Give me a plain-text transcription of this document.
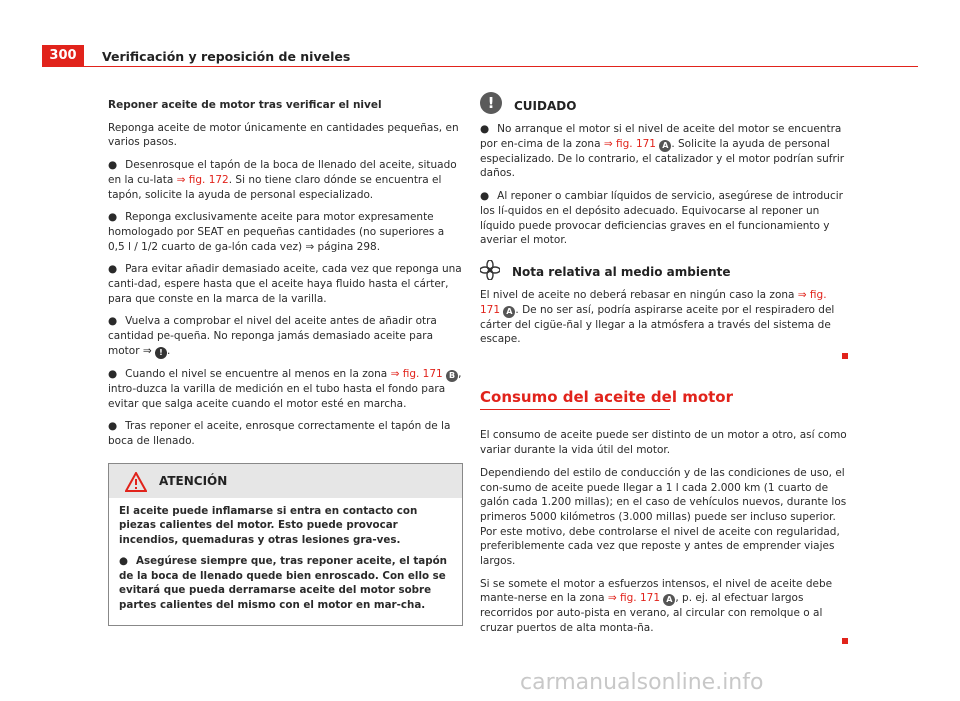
300	Verificación y reposición de niveles

Reponer aceite de motor tras verificar el nivel

Reponga aceite de motor únicamente en cantidades pequeñas, en varios pasos.

● Desenrosque el tapón de la boca de llenado del aceite, situado en la cu-lata ⇒ fig. 172. Si no tiene claro dónde se encuentra el tapón, solicite la ayuda de personal especializado.

● Reponga exclusivamente aceite para motor expresamente homologado por SEAT en pequeñas cantidades (no superiores a 0,5 l / 1/2 cuarto de ga-lón cada vez) ⇒ página 298.

● Para evitar añadir demasiado aceite, cada vez que reponga una canti-dad, espere hasta que el aceite haya fluido hasta el cárter, para que conste en la marca de la varilla.

● Vuelva a comprobar el nivel del aceite antes de añadir otra cantidad pe-queña. No reponga jamás demasiado aceite para motor ⇒ ! .

● Cuando el nivel se encuentre al menos en la zona ⇒ fig. 171 B , intro-duzca la varilla de medición en el tubo hasta el fondo para evitar que salga aceite cuando el motor esté en marcha.

● Tras reponer el aceite, enrosque correctamente el tapón de la boca de llenado.

ATENCIÓN

El aceite puede inflamarse si entra en contacto con piezas calientes del motor. Esto puede provocar incendios, quemaduras y otras lesiones gra-ves.

● Asegúrese siempre que, tras reponer aceite, el tapón de la boca de llenado quede bien enroscado. Con ello se evitará que pueda derramarse aceite del motor sobre partes calientes del mismo con el motor en mar-cha.

!	CUIDADO

● No arranque el motor si el nivel de aceite del motor se encuentra por en-cima de la zona ⇒ fig. 171 A . Solicite la ayuda de personal especializado. De lo contrario, el catalizador y el motor podrían sufrir daños.

● Al reponer o cambiar líquidos de servicio, asegúrese de introducir los lí-quidos en el depósito adecuado. Equivocarse al reponer un líquido puede provocar deficiencias graves en el funcionamiento y averiar el motor.

Nota relativa al medio ambiente

El nivel de aceite no deberá rebasar en ningún caso la zona ⇒ fig. 171 A . De no ser así, podría aspirarse aceite por el respiradero del cárter del cigüe-ñal y llegar a la atmósfera a través del sistema de escape.

Consumo del aceite del motor

El consumo de aceite puede ser distinto de un motor a otro, así como variar durante la vida útil del motor.

Dependiendo del estilo de conducción y de las condiciones de uso, el con-sumo de aceite puede llegar a 1 l cada 2.000 km (1 cuarto de galón cada 1.200 millas); en el caso de vehículos nuevos, durante los primeros 5000 kilómetros (3.000 millas) puede ser incluso superior. Por este motivo, debe controlarse el nivel de aceite con regularidad, preferiblemente cada vez que reposte y antes de emprender viajes largos.

Si se somete el motor a esfuerzos intensos, el nivel de aceite debe mante-nerse en la zona ⇒ fig. 171 A , p. ej. al efectuar largos recorridos por auto-pista en verano, al circular con remolque o al cruzar puertos de alta monta-ña.

carmanualsonline.info
